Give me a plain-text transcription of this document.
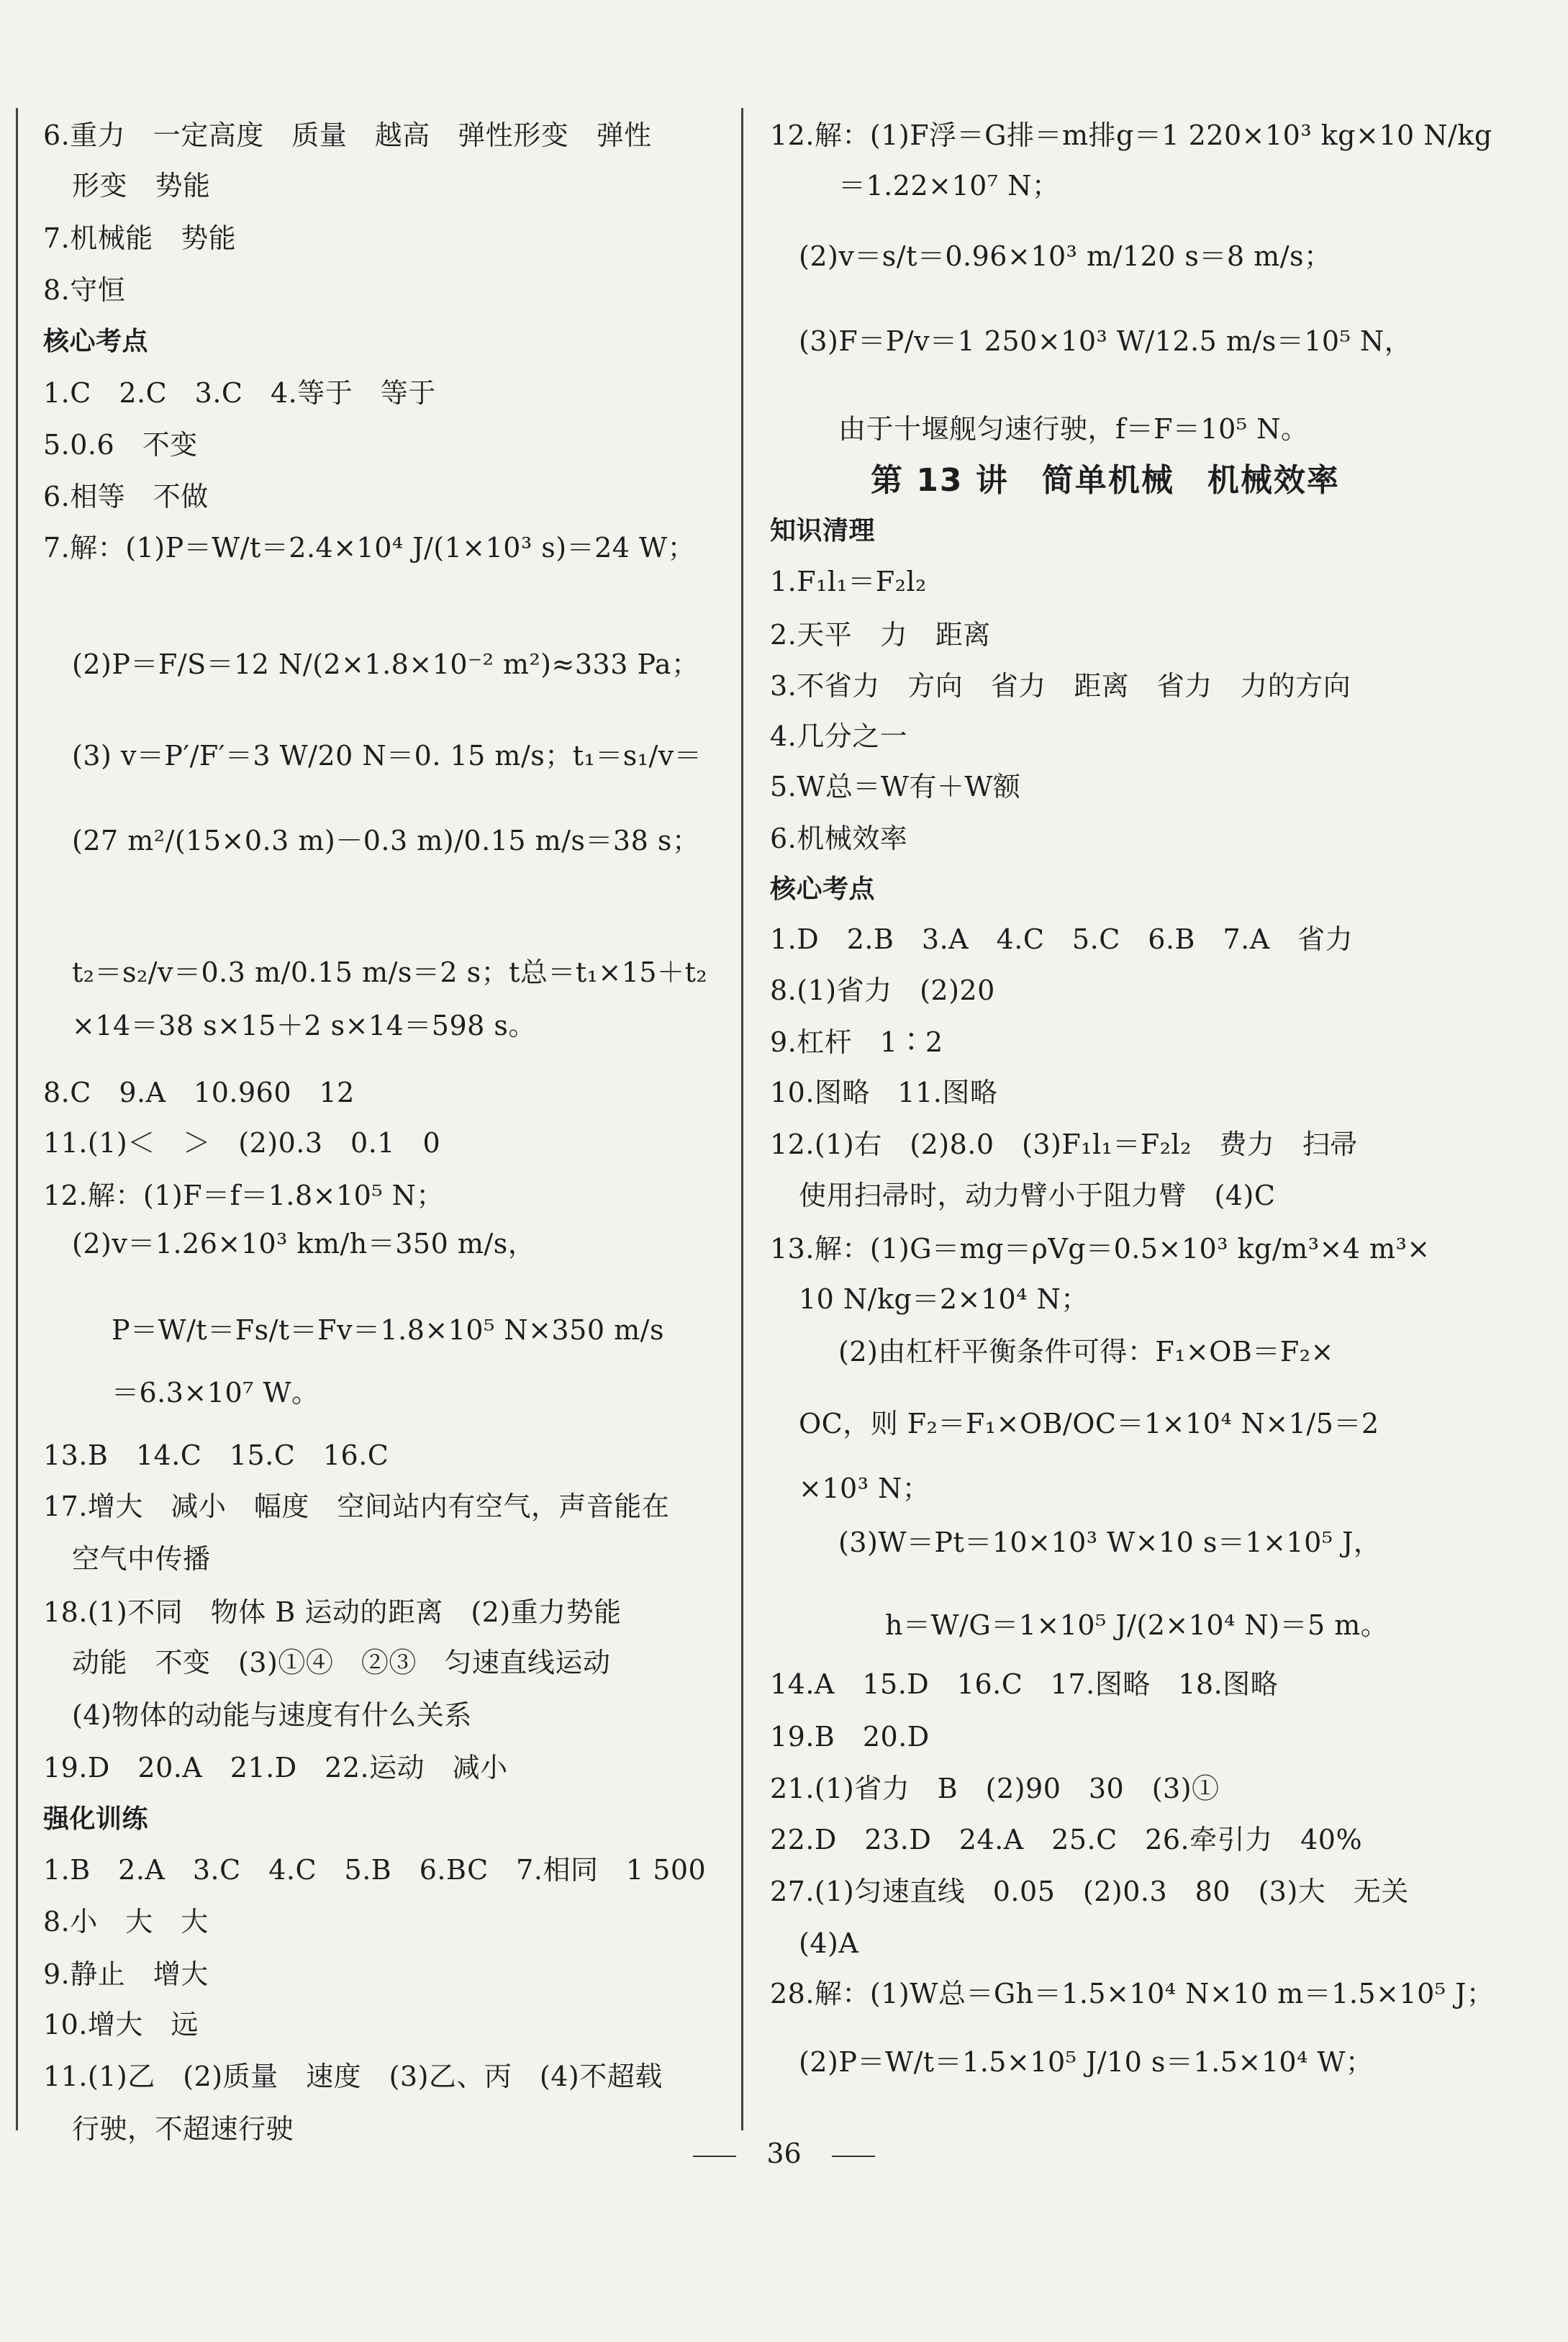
6.重力　一定高度　质量　越高　弹性形变　弹性
形变　势能
7.机械能　势能
8.守恒
核心考点
1.C　2.C　3.C　4.等于　等于
5.0.6　不变
6.相等　不做
7.解：(1)P＝W/t＝2.4×10⁴ J/(1×10³ s)＝24 W；
(2)P＝F/S＝12 N/(2×1.8×10⁻² m²)≈333 Pa；
(3) v＝P′/F′＝3 W/20 N＝0. 15 m/s；t₁＝s₁/v＝
(27 m²/(15×0.3 m)－0.3 m)/0.15 m/s＝38 s；
t₂＝s₂/v＝0.3 m/0.15 m/s＝2 s；t总＝t₁×15＋t₂
×14＝38 s×15＋2 s×14＝598 s。
8.C　9.A　10.960　12
11.(1)＜　＞　(2)0.3　0.1　0
12.解：(1)F＝f＝1.8×10⁵ N；
(2)v＝1.26×10³ km/h＝350 m/s，
P＝W/t＝Fs/t＝Fv＝1.8×10⁵ N×350 m/s
＝6.3×10⁷ W。
13.B　14.C　15.C　16.C
17.增大　减小　幅度　空间站内有空气，声音能在
空气中传播
18.(1)不同　物体 B 运动的距离　(2)重力势能
动能　不变　(3)①④　②③　匀速直线运动
(4)物体的动能与速度有什么关系
19.D　20.A　21.D　22.运动　减小
强化训练
1.B　2.A　3.C　4.C　5.B　6.BC　7.相同　1 500
8.小　大　大
9.静止　增大
10.增大　远
11.(1)乙　(2)质量　速度　(3)乙、丙　(4)不超载
行驶，不超速行驶
12.解：(1)F浮＝G排＝m排g＝1 220×10³ kg×10 N/kg
＝1.22×10⁷ N；
(2)v＝s/t＝0.96×10³ m/120 s＝8 m/s；
(3)F＝P/v＝1 250×10³ W/12.5 m/s＝10⁵ N，
由于十堰舰匀速行驶，f＝F＝10⁵ N。
第 13 讲　简单机械　机械效率
知识清理
1.F₁l₁＝F₂l₂
2.天平　力　距离
3.不省力　方向　省力　距离　省力　力的方向
4.几分之一
5.W总＝W有＋W额
6.机械效率
核心考点
1.D　2.B　3.A　4.C　5.C　6.B　7.A　省力
8.(1)省力　(2)20
9.杠杆　1∶2
10.图略　11.图略
12.(1)右　(2)8.0　(3)F₁l₁＝F₂l₂　费力　扫帚
使用扫帚时，动力臂小于阻力臂　(4)C
13.解：(1)G＝mg＝ρVg＝0.5×10³ kg/m³×4 m³×
10 N/kg＝2×10⁴ N；
(2)由杠杆平衡条件可得：F₁×OB＝F₂×
OC，则 F₂＝F₁×OB/OC＝1×10⁴ N×1/5＝2
×10³ N；
(3)W＝Pt＝10×10³ W×10 s＝1×10⁵ J，
h＝W/G＝1×10⁵ J/(2×10⁴ N)＝5 m。
14.A　15.D　16.C　17.图略　18.图略
19.B　20.D
21.(1)省力　B　(2)90　30　(3)①
22.D　23.D　24.A　25.C　26.牵引力　40%
27.(1)匀速直线　0.05　(2)0.3　80　(3)大　无关
(4)A
28.解：(1)W总＝Gh＝1.5×10⁴ N×10 m＝1.5×10⁵ J；
(2)P＝W/t＝1.5×10⁵ J/10 s＝1.5×10⁴ W；
36
